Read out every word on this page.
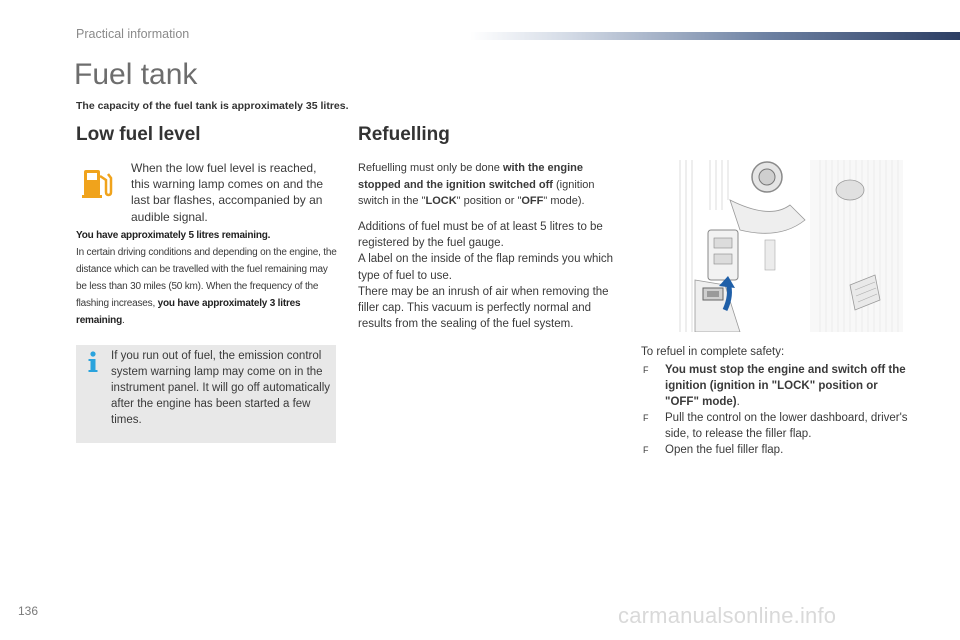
Practical information
Fuel tank
The capacity of the fuel tank is approximately 35 litres.
Low fuel level	Refuelling
When the low fuel level is reached, this warning lamp comes on and the last bar flashes, accompanied by an audible signal.
You have approximately 5 litres remaining.
In certain driving conditions and depending on the engine, the distance which can be travelled with the fuel remaining may be less than 30 miles (50 km). When the frequency of the flashing increases, you have approximately 3 litres remaining.
If you run out of fuel, the emission control system warning lamp may come on in the instrument panel. It will go off automatically after the engine has been started a few times.
Refuelling must only be done with the engine stopped and the ignition switched off (ignition switch in the "LOCK" position or "OFF" mode).
Additions of fuel must be of at least 5 litres to be registered by the fuel gauge.
A label on the inside of the flap reminds you which type of fuel to use.
There may be an inrush of air when removing the filler cap. This vacuum is perfectly normal and results from the sealing of the fuel system.
To refuel in complete safety:
F You must stop the engine and switch off the ignition (ignition in "LOCK" position or "OFF" mode).
F Pull the control on the lower dashboard, driver's side, to release the filler flap.
F Open the fuel filler flap.
136	carmanualsonline.info
